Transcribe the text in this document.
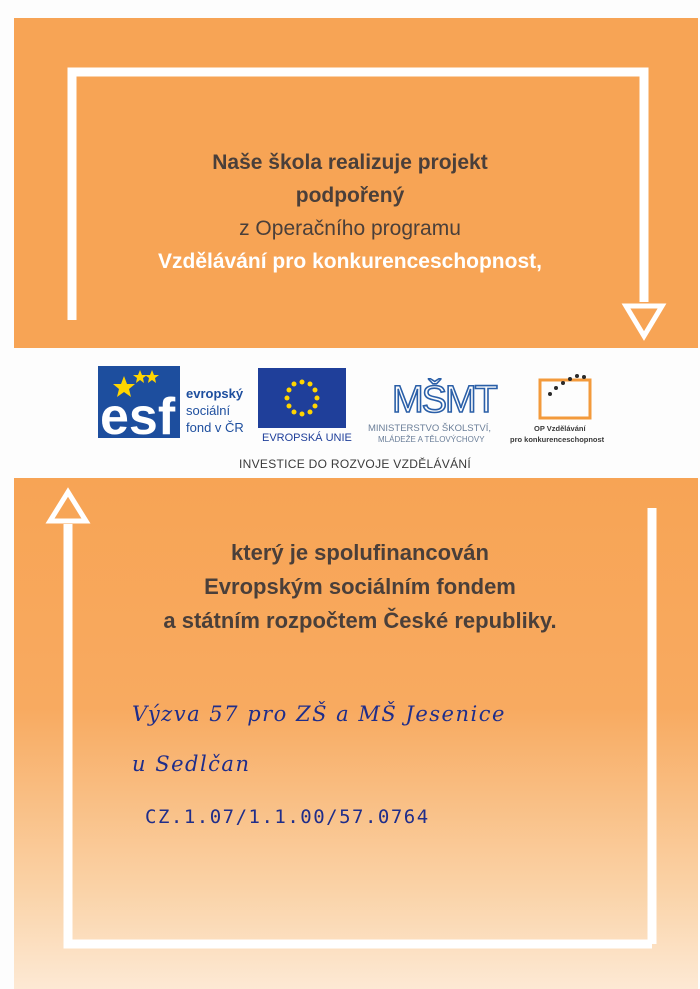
Naše škola realizuje projekt
podpořený
z Operačního programu
Vzdělávání pro konkurenceschopnost,
esf evropský
sociální
fond v ČR
EVROPSKÁ UNIE
MŠMT
MINISTERSTVO ŠKOLSTVÍ,
MLÁDEŽE A TĚLOVÝCHOVY
OP Vzdělávání
pro konkurenceschopnost
INVESTICE DO ROZVOJE VZDĚLÁVÁNÍ
který je spolufinancován
Evropským sociálním fondem
a státním rozpočtem České republiky.
Výzva 57 pro ZŠ a MŠ Jesenice
u Sedlčan
CZ.1.07/1.1.00/57.0764
